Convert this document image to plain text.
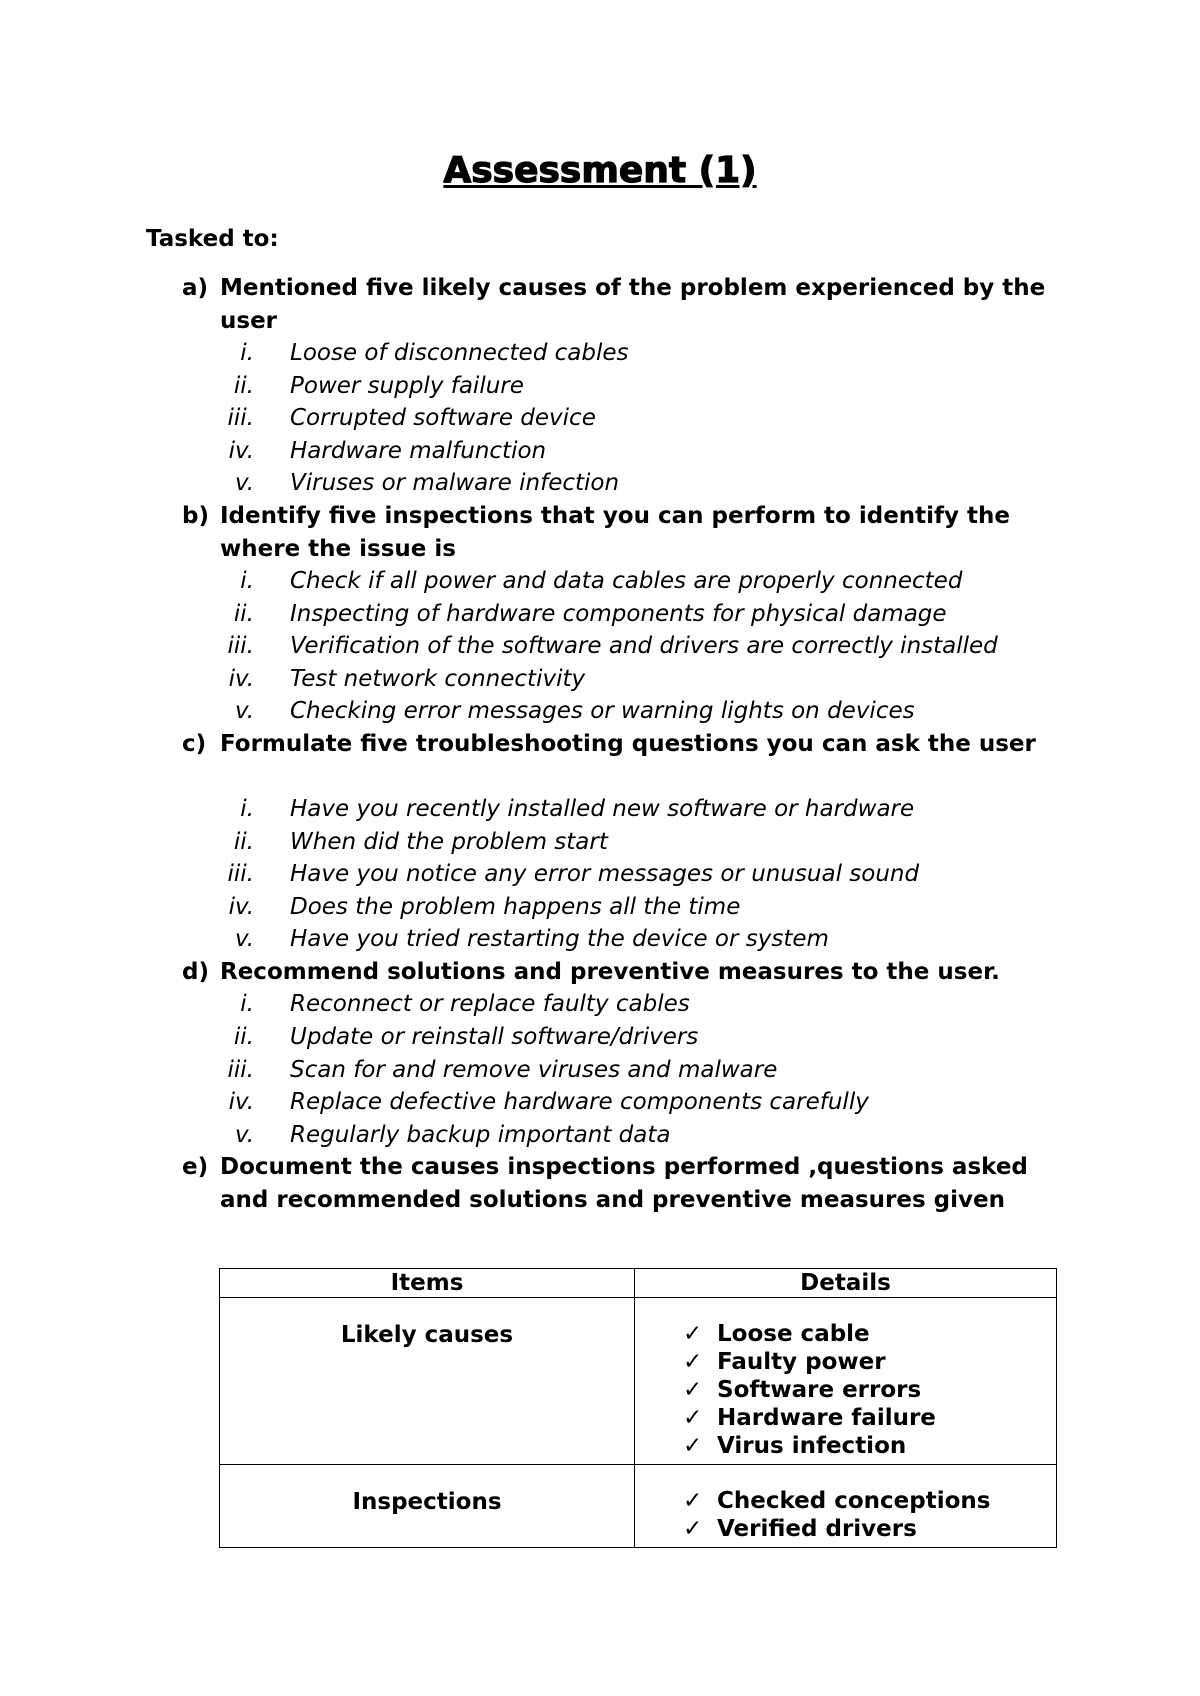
Assessment (1)
Tasked to:
a) Mentioned five likely causes of the problem experienced by the user
i. Loose of disconnected cables
ii. Power supply failure
iii. Corrupted software device
iv. Hardware malfunction
v. Viruses or malware infection
b) Identify five inspections that you can perform to identify the where the issue is
i. Check if all power and data cables are properly connected
ii. Inspecting of hardware components for physical damage
iii. Verification of the software and drivers are correctly installed
iv. Test network connectivity
v. Checking error messages or warning lights on devices
c) Formulate five troubleshooting questions you can ask the user
i. Have you recently installed new software or hardware
ii. When did the problem start
iii. Have you notice any error messages or unusual sound
iv. Does the problem happens all the time
v. Have you tried restarting the device or system
d) Recommend solutions and preventive measures to the user.
i. Reconnect or replace faulty cables
ii. Update or reinstall software/drivers
iii. Scan for and remove viruses and malware
iv. Replace defective hardware components carefully
v. Regularly backup important data
e) Document the causes inspections performed ,questions asked and recommended solutions and preventive measures given
Items	Details
Likely causes	✓ Loose cable
✓ Faulty power
✓ Software errors
✓ Hardware failure
✓ Virus infection

Inspections	✓ Checked conceptions
✓ Verified drivers
